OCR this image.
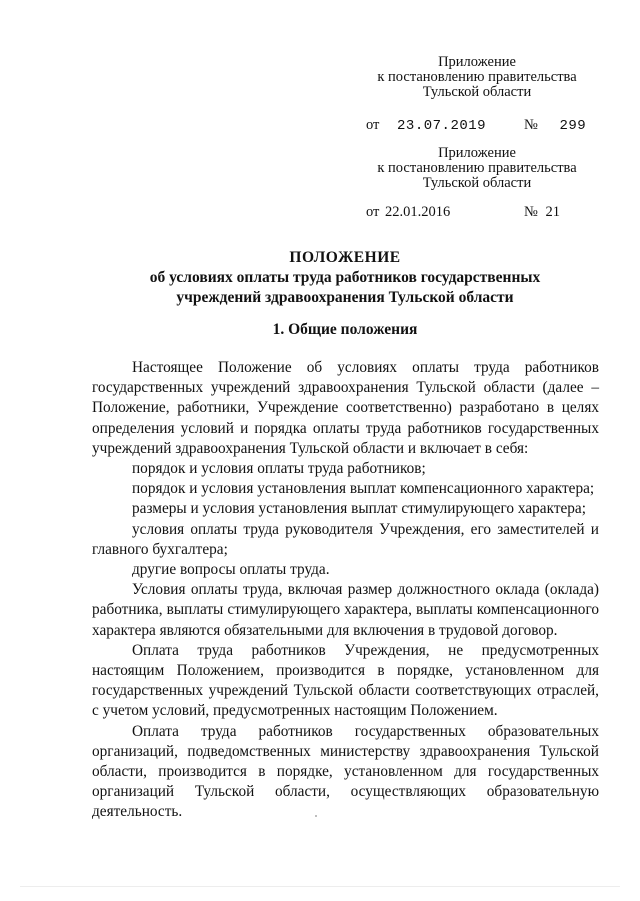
Приложение
к постановлению правительства
Тульской области
от 23.07.2019	№ 299
Приложение
к постановлению правительства
Тульской области
от 22.01.2016	№ 21
ПОЛОЖЕНИЕ
об условиях оплаты труда работников государственных
учреждений здравоохранения Тульской области
1. Общие положения

Настоящее Положение об условиях оплаты труда работников государственных учреждений здравоохранения Тульской области (далее – Положение, работники, Учреждение соответственно) разработано в целях определения условий и порядка оплаты труда работников государственных учреждений здравоохранения Тульской области и включает в себя:

порядок и условия оплаты труда работников;

порядок и условия установления выплат компенсационного характера;

размеры и условия установления выплат стимулирующего характера;

условия оплаты труда руководителя Учреждения, его заместителей и главного бухгалтера;

другие вопросы оплаты труда.

Условия оплаты труда, включая размер должностного оклада (оклада) работника, выплаты стимулирующего характера, выплаты компенсационного характера являются обязательными для включения в трудовой договор.

Оплата труда работников Учреждения, не предусмотренных настоящим Положением, производится в порядке, установленном для государственных учреждений Тульской области соответствующих отраслей, с учетом условий, предусмотренных настоящим Положением.

Оплата труда работников государственных образовательных организаций, подведомственных министерству здравоохранения Тульской области, производится в порядке, установленном для государственных организаций Тульской области, осуществляющих образовательную деятельность.
